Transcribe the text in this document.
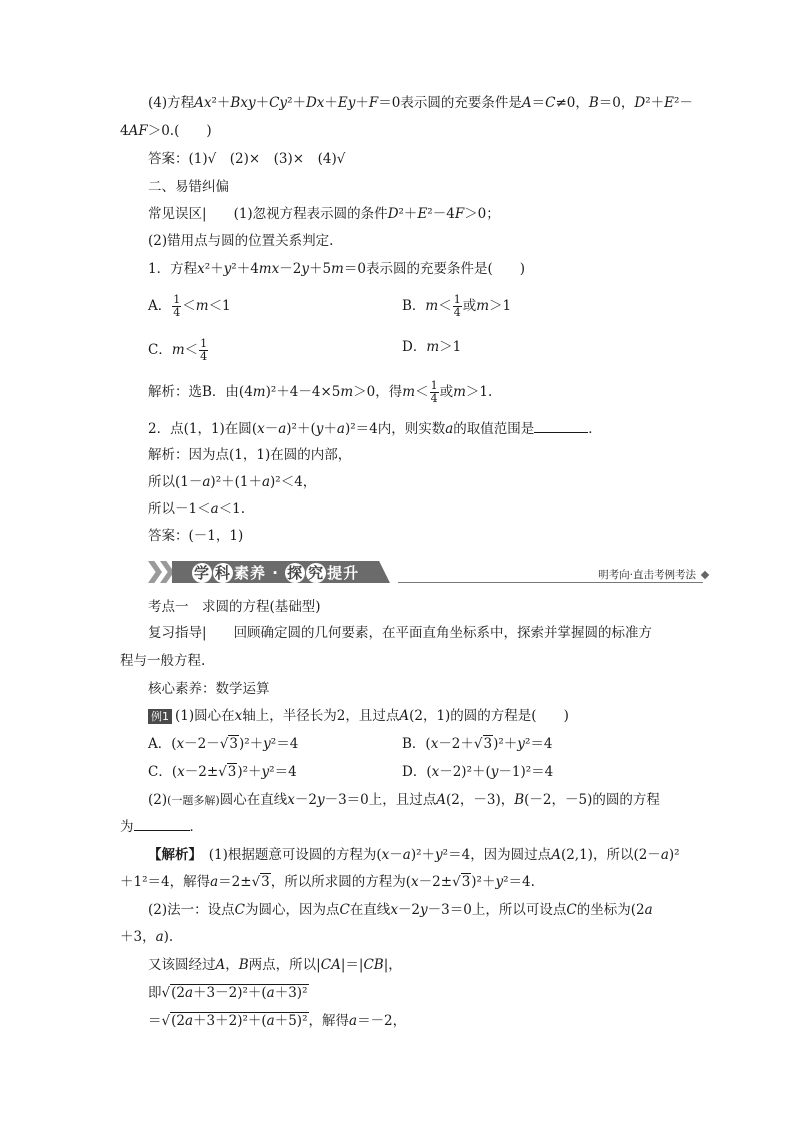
(4)方程Ax²＋Bxy＋Cy²＋Dx＋Ey＋F＝0表示圆的充要条件是A＝C≠0，B＝0，D²＋E²－
4AF＞0.(　　)
答案：(1)√　(2)×　(3)×　(4)√
二、易错纠偏
常见误区|　　(1)忽视方程表示圆的条件D²＋E²－4F＞0；
(2)错用点与圆的位置关系判定.
1．方程x²＋y²＋4mx－2y＋5m＝0表示圆的充要条件是(　　)
A． $\frac{1}{4} <m<1$	B．$m< \frac{1}{4}$ 或m＞1
C．$m< \frac{1}{4}$	D．m＞1
解析：选B．由(4m)²＋4－4×5m＞0，得$m< \frac{1}{4}$ 或m＞1.
2．点(1，1)在圆(x－a)²＋(y＋a)²＝4内，则实数a的取值范围是	．
解析：因为点(1，1)在圆的内部，
所以(1－a)²＋(1＋a)²＜4，
所以－1＜a＜1.
答案：(－1，1)
学 科 素养 · 探 究 提升	明考向·直击考例考法
考点一　求圆的方程(基础型)
复习指导|　　回顾确定圆的几何要素，在平面直角坐标系中，探索并掌握圆的标准方
程与一般方程.
核心素养：数学运算
例1 (1)圆心在x轴上，半径长为2，且过点A(2，1)的圆的方程是(　　)
A．(x－2－√3)²＋y²＝4	B．(x－2＋√3)²＋y²＝4
C．(x－2±√3)²＋y²＝4	D．(x－2)²＋(y－1)²＝4
(2)(一题多解)圆心在直线x－2y－3＝0上，且过点A(2，－3)，B(－2，－5)的圆的方程
为	．
【解析】　 (1)根据题意可设圆的方程为(x－a)²＋y²＝4，因为圆过点A(2,1)，所以(2－a)²
＋1²＝4，解得a＝2±√3，所以所求圆的方程为(x－2±√3)²＋y²＝4.
(2)法一：设点C为圆心，因为点C在直线x－2y－3＝0上，所以可设点C的坐标为(2a
＋3，a).
又该圆经过A，B两点，所以|CA|＝|CB|，
即√(2a＋3－2)²＋(a＋3)²
＝√(2a＋3＋2)²＋(a＋5)²，解得a＝－2，
